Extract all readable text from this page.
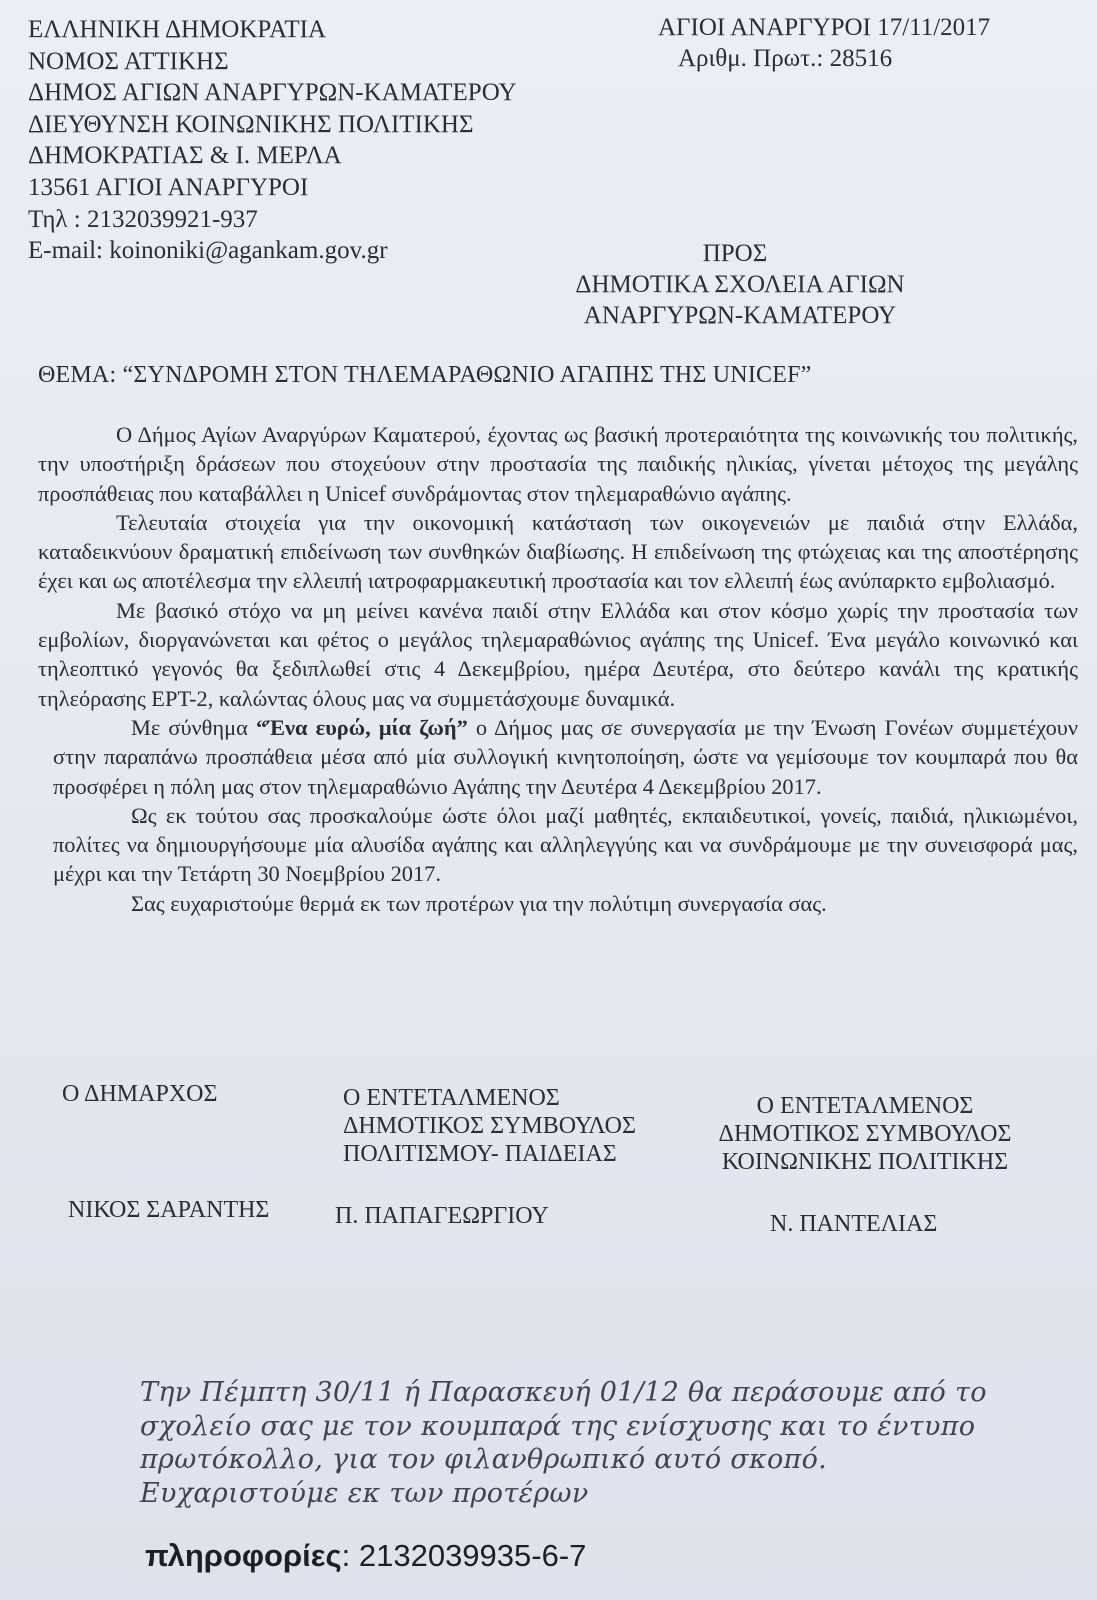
ΕΛΛΗΝΙΚΗ ΔΗΜΟΚΡΑΤΙΑ
ΝΟΜΟΣ ΑΤΤΙΚΗΣ
ΔΗΜΟΣ ΑΓΙΩΝ ΑΝΑΡΓΥΡΩΝ-ΚΑΜΑΤΕΡΟΥ
ΔΙΕΥΘΥΝΣΗ ΚΟΙΝΩΝΙΚΗΣ ΠΟΛΙΤΙΚΗΣ
ΔΗΜΟΚΡΑΤΙΑΣ & Ι. ΜΕΡΛΑ
13561 ΑΓΙΟΙ ΑΝΑΡΓΥΡΟΙ
Τηλ : 2132039921-937
E-mail: koinoniki@agankam.gov.gr
ΑΓΙΟΙ ΑΝΑΡΓΥΡΟΙ 17/11/2017
Αριθμ. Πρωτ.: 28516
ΠΡΟΣ
ΔΗΜΟΤΙΚΑ ΣΧΟΛΕΙΑ ΑΓΙΩΝ
ΑΝΑΡΓΥΡΩΝ-ΚΑΜΑΤΕΡΟΥ
ΘΕΜΑ: “ΣΥΝΔΡΟΜΗ ΣΤΟΝ ΤΗΛΕΜΑΡΑΘΩΝΙΟ ΑΓΑΠΗΣ ΤΗΣ UNICEF”

Ο Δήμος Αγίων Αναργύρων Καματερού, έχοντας ως βασική προτεραιότητα της κοινωνικής του πολιτικής, την υποστήριξη δράσεων που στοχεύουν στην προστασία της παιδικής ηλικίας, γίνεται μέτοχος της μεγάλης προσπάθειας που καταβάλλει η Unicef συνδράμοντας στον τηλεμαραθώνιο αγάπης.

Τελευταία στοιχεία για την οικονομική κατάσταση των οικογενειών με παιδιά στην Ελλάδα, καταδεικνύουν δραματική επιδείνωση των συνθηκών διαβίωσης. Η επιδείνωση της φτώχειας και της αποστέρησης έχει και ως αποτέλεσμα την ελλειπή ιατροφαρμακευτική προστασία και τον ελλειπή έως ανύπαρκτο εμβολιασμό.

Με βασικό στόχο να μη μείνει κανένα παιδί στην Ελλάδα και στον κόσμο χωρίς την προστασία των εμβολίων, διοργανώνεται και φέτος ο μεγάλος τηλεμαραθώνιος αγάπης της Unicef. Ένα μεγάλο κοινωνικό και τηλεοπτικό γεγονός θα ξεδιπλωθεί στις 4 Δεκεμβρίου, ημέρα Δευτέρα, στο δεύτερο κανάλι της κρατικής τηλεόρασης ΕΡΤ-2, καλώντας όλους μας να συμμετάσχουμε δυναμικά.

Με σύνθημα “Ένα ευρώ, μία ζωή” ο Δήμος μας σε συνεργασία με την Ένωση Γονέων συμμετέχουν στην παραπάνω προσπάθεια μέσα από μία συλλογική κινητοποίηση, ώστε να γεμίσουμε τον κουμπαρά που θα προσφέρει η πόλη μας στον τηλεμαραθώνιο Αγάπης την Δευτέρα 4 Δεκεμβρίου 2017.

Ως εκ τούτου σας προσκαλούμε ώστε όλοι μαζί μαθητές, εκπαιδευτικοί, γονείς, παιδιά, ηλικιωμένοι, πολίτες να δημιουργήσουμε μία αλυσίδα αγάπης και αλληλεγγύης και να συνδράμουμε με την συνεισφορά μας, μέχρι και την Τετάρτη 30 Νοεμβρίου 2017.

Σας ευχαριστούμε θερμά εκ των προτέρων για την πολύτιμη συνεργασία σας.

Ο ΔΗΜΑΡΧΟΣ
ΝΙΚΟΣ ΣΑΡΑΝΤΗΣ
Ο ΕΝΤΕΤΑΛΜΕΝΟΣ
ΔΗΜΟΤΙΚΟΣ ΣΥΜΒΟΥΛΟΣ
ΠΟΛΙΤΙΣΜΟΥ- ΠΑΙΔΕΙΑΣ
Π. ΠΑΠΑΓΕΩΡΓΙΟΥ
Ο ΕΝΤΕΤΑΛΜΕΝΟΣ
ΔΗΜΟΤΙΚΟΣ ΣΥΜΒΟΥΛΟΣ
ΚΟΙΝΩΝΙΚΗΣ ΠΟΛΙΤΙΚΗΣ
Ν. ΠΑΝΤΕΛΙΑΣ
Την Πέμπτη 30/11 ή Παρασκευή 01/12 θα περάσουμε από το
σχολείο σας με τον κουμπαρά της ενίσχυσης και το έντυπο
πρωτόκολλο, για τον φιλανθρωπικό αυτό σκοπό.
Ευχαριστούμε εκ των προτέρων
πληροφορίες: 2132039935-6-7
